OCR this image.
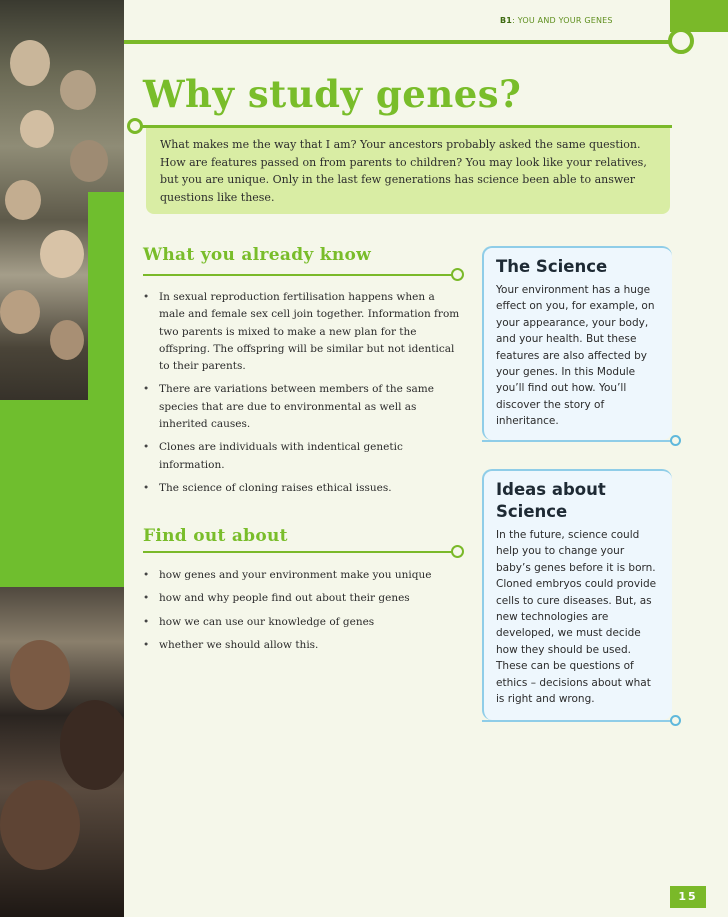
B1: YOU AND YOUR GENES
Why study genes?

What makes me the way that I am? Your ancestors probably asked the same question. How are features passed on from parents to children? You may look like your relatives, but you are unique. Only in the last few generations has science been able to answer questions like these.

What you already know
• In sexual reproduction fertilisation happens when a male and female sex cell join together. Information from two parents is mixed to make a new plan for the offspring. The offspring will be similar but not identical to their parents.
• There are variations between members of the same species that are due to environmental as well as inherited causes.
• Clones are individuals with indentical genetic information.
• The science of cloning raises ethical issues.
Find out about
• how genes and your environment make you unique
• how and why people find out about their genes
• how we can use our knowledge of genes
• whether we should allow this.
The Science
Your environment has a huge effect on you, for example, on your appearance, your body, and your health. But these features are also affected by your genes. In this Module you’ll find out how. You’ll discover the story of inheritance.
Ideas about Science
In the future, science could help you to change your baby’s genes before it is born. Cloned embryos could provide cells to cure diseases. But, as new technologies are developed, we must decide how they should be used. These can be questions of ethics – decisions about what is right and wrong.
15
